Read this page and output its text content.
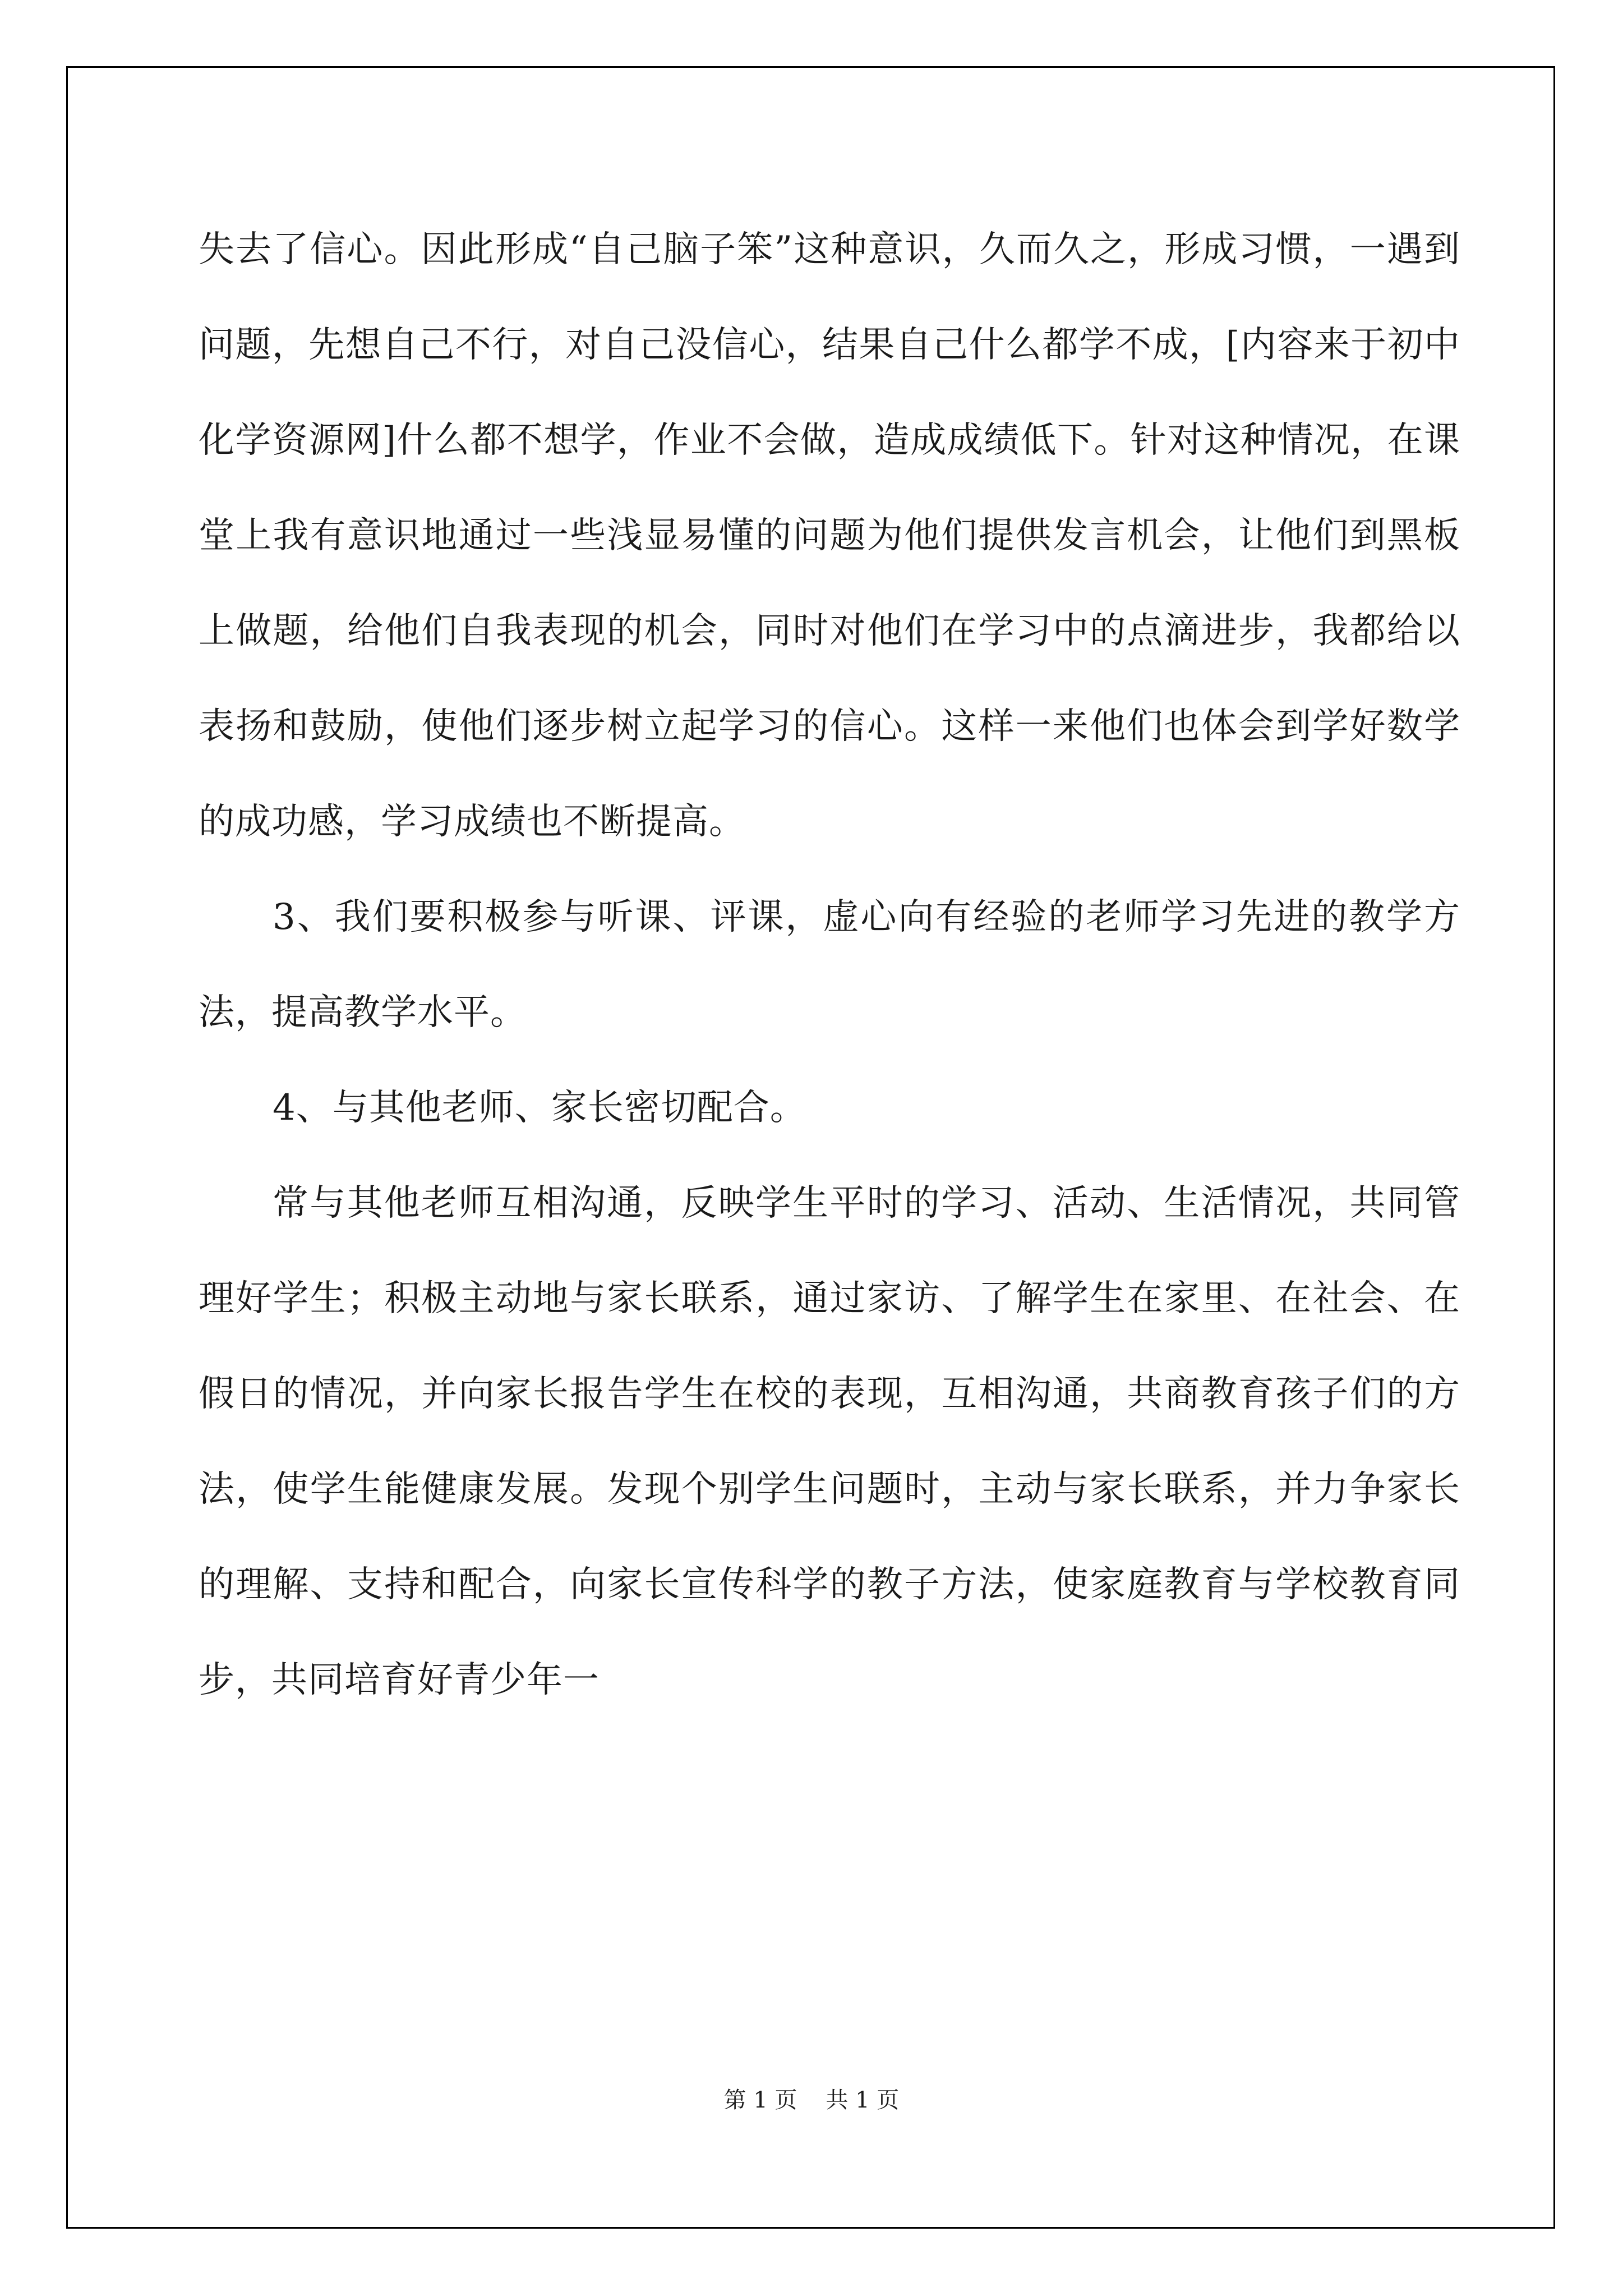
失去了信心。因此形成“自己脑子笨”这种意识，久而久之，形成习惯，一遇到问题，先想自己不行，对自己没信心，结果自己什么都学不成，[内容来于初中化学资源网]什么都不想学，作业不会做，造成成绩低下。针对这种情况，在课堂上我有意识地通过一些浅显易懂的问题为他们提供发言机会，让他们到黑板上做题，给他们自我表现的机会，同时对他们在学习中的点滴进步，我都给以表扬和鼓励，使他们逐步树立起学习的信心。这样一来他们也体会到学好数学的成功感，学习成绩也不断提高。

3、我们要积极参与听课、评课，虚心向有经验的老师学习先进的教学方法，提高教学水平。

4、与其他老师、家长密切配合。

常与其他老师互相沟通，反映学生平时的学习、活动、生活情况，共同管理好学生；积极主动地与家长联系，通过家访、了解学生在家里、在社会、在假日的情况，并向家长报告学生在校的表现，互相沟通，共商教育孩子们的方法，使学生能健康发展。发现个别学生问题时，主动与家长联系，并力争家长的理解、支持和配合，向家长宣传科学的教子方法，使家庭教育与学校教育同步，共同培育好青少年一

第 1 页 共 1 页
